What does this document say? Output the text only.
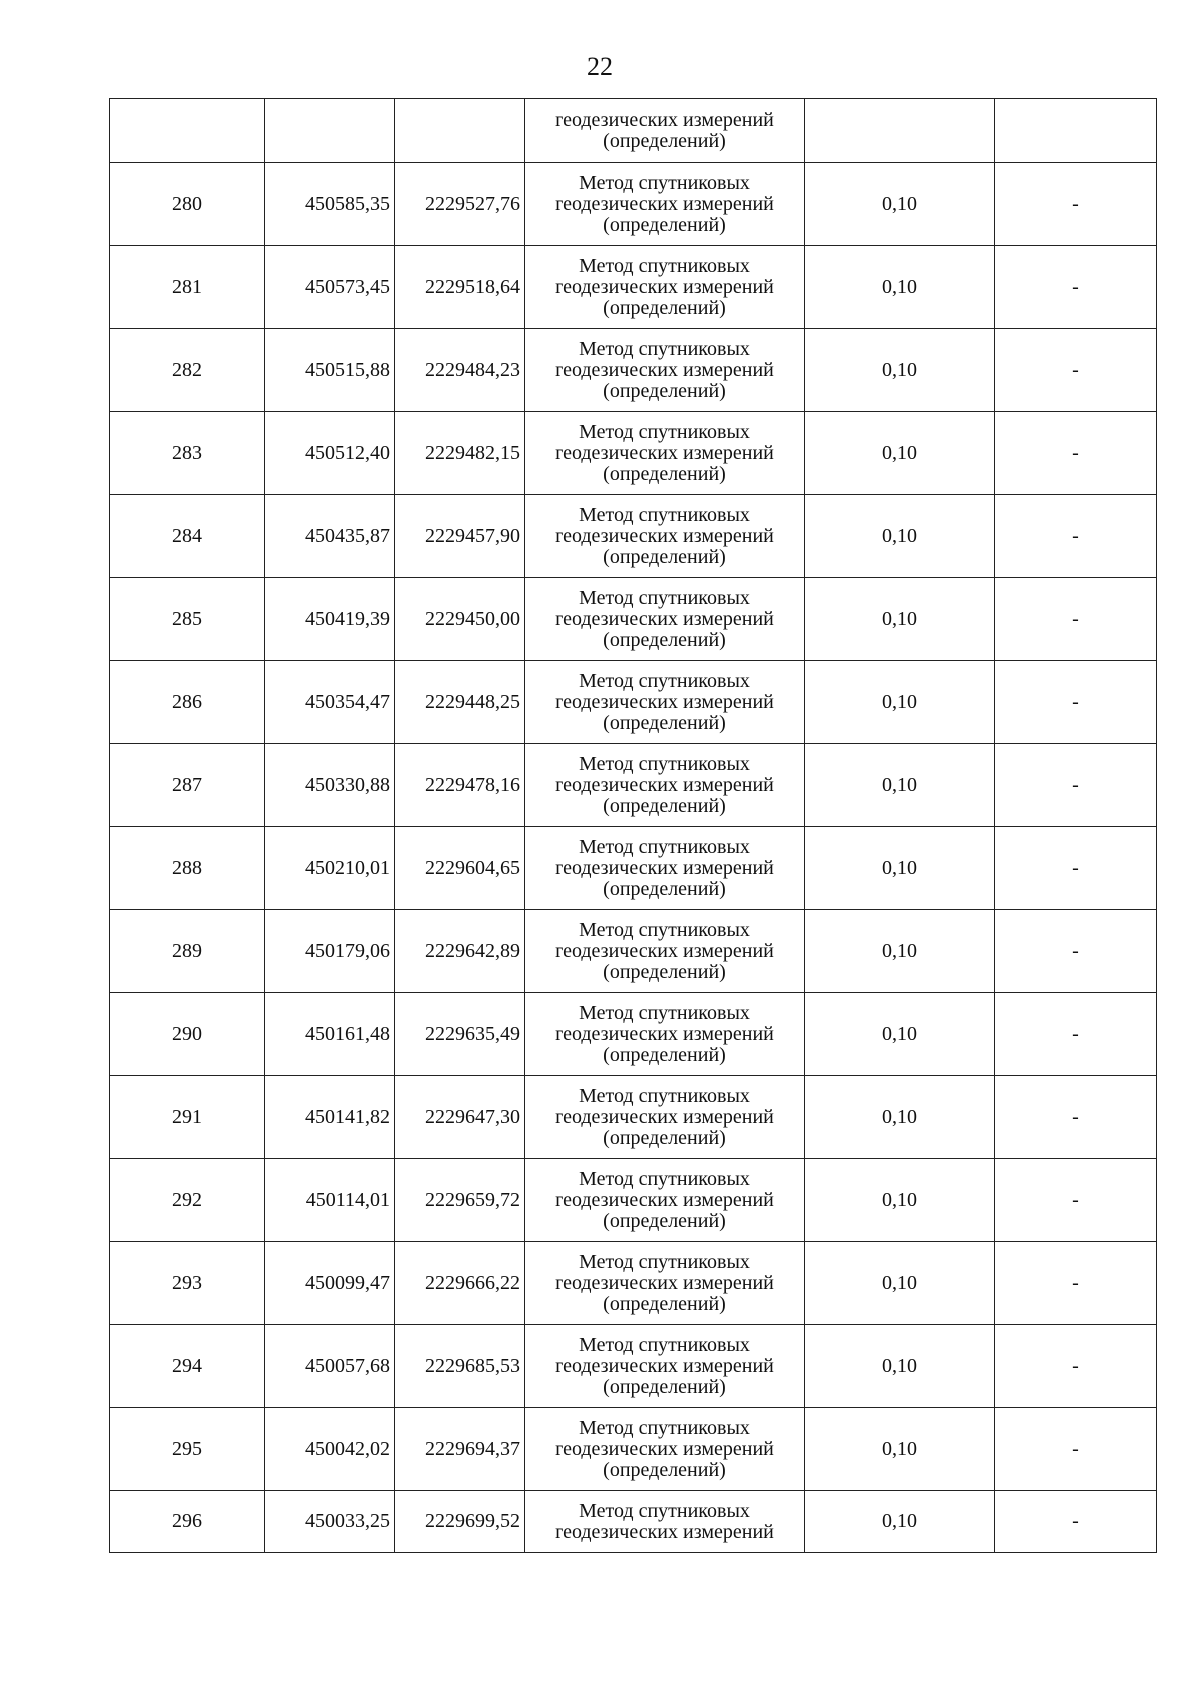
22

			геодезических измерений
(определений)		

280	450585,35	2229527,76	Метод спутниковых
геодезических измерений
(определений)	0,10	-
281	450573,45	2229518,64	Метод спутниковых
геодезических измерений
(определений)	0,10	-
282	450515,88	2229484,23	Метод спутниковых
геодезических измерений
(определений)	0,10	-
283	450512,40	2229482,15	Метод спутниковых
геодезических измерений
(определений)	0,10	-
284	450435,87	2229457,90	Метод спутниковых
геодезических измерений
(определений)	0,10	-
285	450419,39	2229450,00	Метод спутниковых
геодезических измерений
(определений)	0,10	-
286	450354,47	2229448,25	Метод спутниковых
геодезических измерений
(определений)	0,10	-
287	450330,88	2229478,16	Метод спутниковых
геодезических измерений
(определений)	0,10	-
288	450210,01	2229604,65	Метод спутниковых
геодезических измерений
(определений)	0,10	-
289	450179,06	2229642,89	Метод спутниковых
геодезических измерений
(определений)	0,10	-
290	450161,48	2229635,49	Метод спутниковых
геодезических измерений
(определений)	0,10	-
291	450141,82	2229647,30	Метод спутниковых
геодезических измерений
(определений)	0,10	-
292	450114,01	2229659,72	Метод спутниковых
геодезических измерений
(определений)	0,10	-
293	450099,47	2229666,22	Метод спутниковых
геодезических измерений
(определений)	0,10	-
294	450057,68	2229685,53	Метод спутниковых
геодезических измерений
(определений)	0,10	-
295	450042,02	2229694,37	Метод спутниковых
геодезических измерений
(определений)	0,10	-
296	450033,25	2229699,52	Метод спутниковых
геодезических измерений	0,10	-
